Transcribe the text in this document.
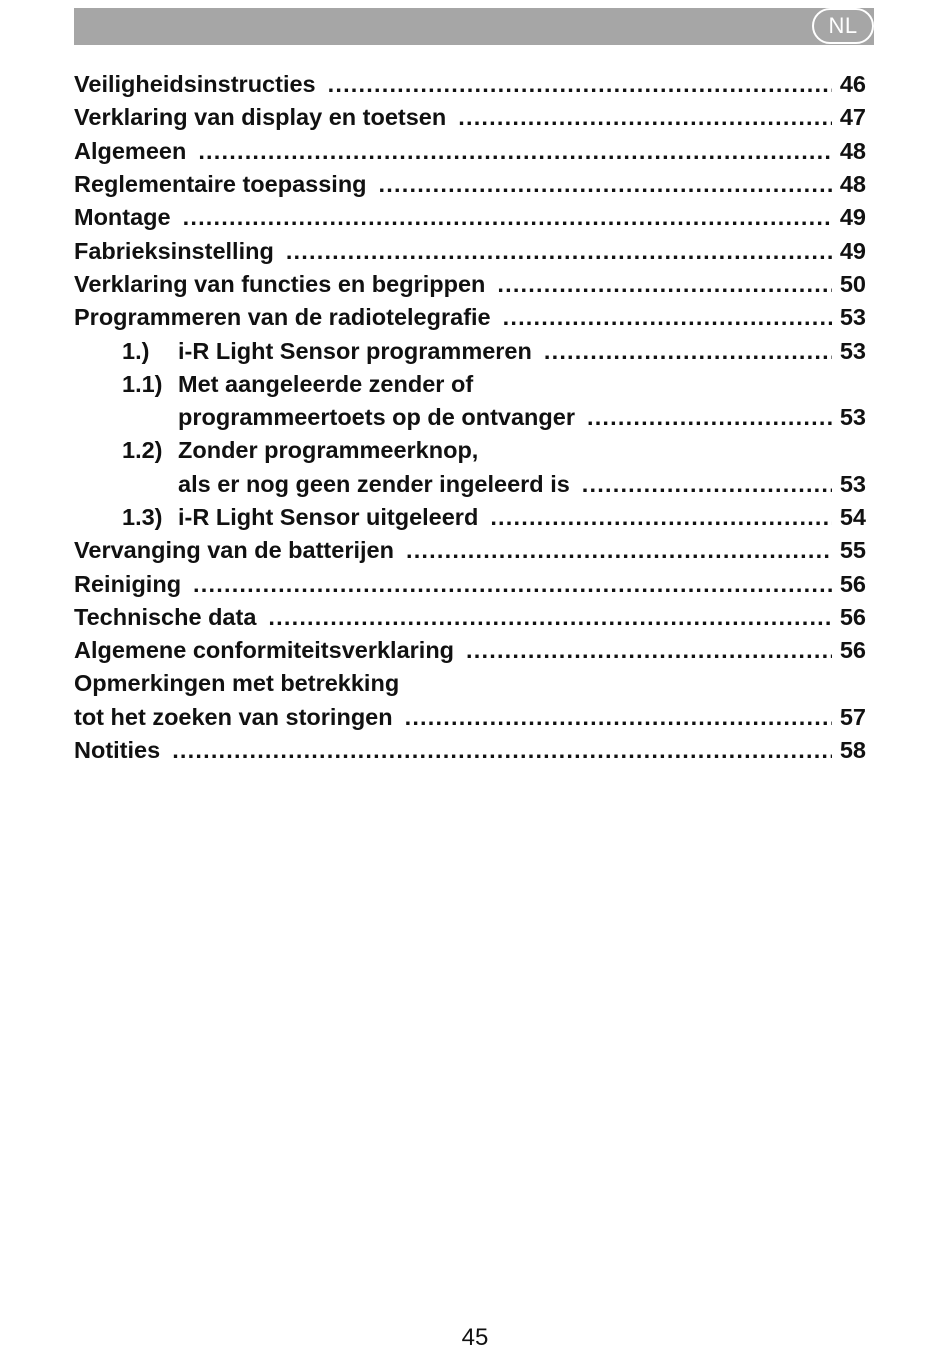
NL
Veiligheidsinstructies .....	46
Verklaring van display en toetsen .....	47
Algemeen .....	48
Reglementaire toepassing .....	48
Montage .....	49
Fabrieksinstelling .....	49
Verklaring van functies en begrippen .....	50
Programmeren van de radiotelegrafie .....	53
1.)	i-R Light Sensor programmeren .....	53
1.1) Met aangeleerde zender of
programmeertoets op de ontvanger .....	53
1.2) Zonder programmeerknop,
als er nog geen zender ingeleerd is .....	53
1.3) i-R Light Sensor uitgeleerd .....	54
Vervanging van de batterijen .....	55
Reiniging .....	56
Technische data .....	56
Algemene conformiteitsverklaring .....	56
Opmerkingen met betrekking
tot het zoeken van storingen .....	57
Notities .....	58
45
